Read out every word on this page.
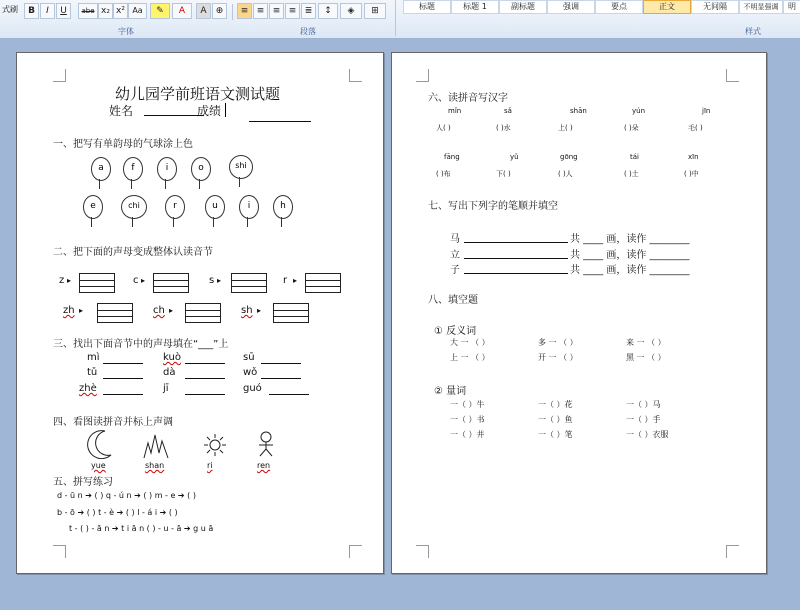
式刷	B	I	U	abe x₂ x² Aa	✎	A	A	⊕	≡ ≡ ≡ ≡ ≣	↕	◈	⊞
字体	段落	样式
标题	标题 1	副标题	强调	要点	正文	无间隔	不明显强调	明
幼儿园学前班语文测试题
姓名	成绩
一、把写有单韵母的气球涂上色
a	f	i	o	shi
e	chi	r	u	i	h
二、把下面的声母变成整体认读音节
z ▸	c ▸	s ▸	r ▸
zh ▸	ch ▸	sh ▸
三、找出下面音节中的声母填在“___”上
mì	kuò	sū
tǔ	dà	wǒ
zhè	jī	guó
四、看图读拼音并标上声调
yue	shan	ri	ren
五、拼写练习
d - ū n ➔ ( ) q - ú n ➔ ( ) m - e ➔ ( )
b - ō ➔ ( ) t - è ➔ ( ) l - á i ➔ ( )
t - ( ) - ā n ➔ t i ā n ( ) - u - ā ➔ g u ā
六、读拼音写汉字
mǐn	sǎ	shān	yún	jīn
人( )	( )水	上( )	( )朵	毛( )
fāng	yǔ	gōng	tái	xīn
( )布	下( )	( )人	( )土	( )中
七、写出下列字的笔顺并填空
马	共 ____ 画，读作 ________
立	共 ____ 画，读作 ________
子	共 ____ 画，读作 ________
八、填空题
① 反义词
大 一 （ ）	多 一 （ ）	来 一 （ ）
上 一 （ ）	开 一 （ ）	黑 一 （ ）
② 量词
一（ ）牛	一（ ）花	一（ ）马
一（ ）书	一（ ）鱼	一（ ）手
一（ ）井	一（ ）笔	一（ ）衣服
